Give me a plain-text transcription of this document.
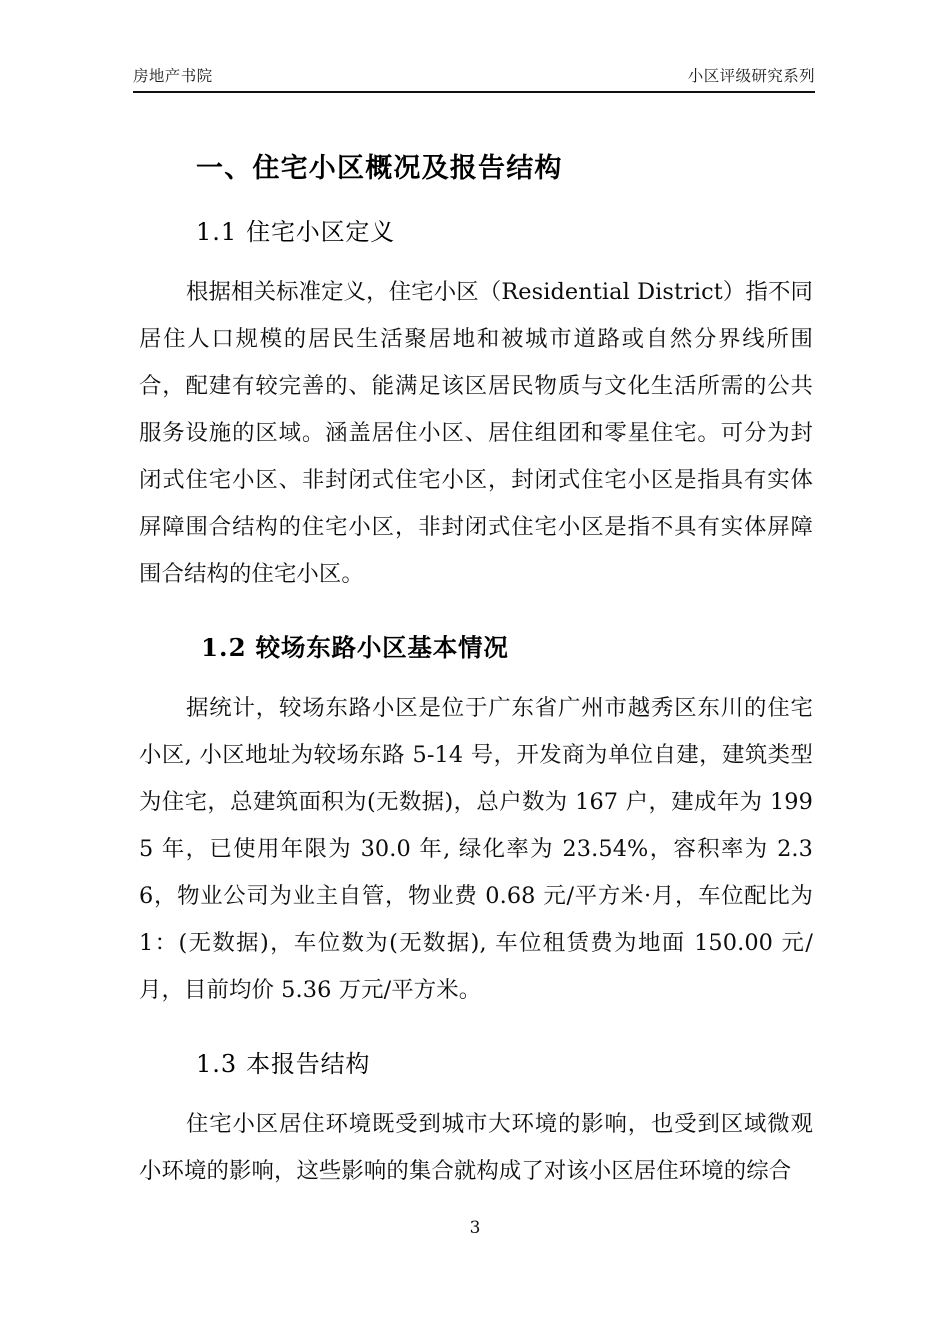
房地产书院	小区评级研究系列
一、住宅小区概况及报告结构
1.1 住宅小区定义

根据相关标准定义，住宅小区（Residential District）指不同居住人口规模的居民生活聚居地和被城市道路或自然分界线所围合，配建有较完善的、能满足该区居民物质与文化生活所需的公共服务设施的区域。涵盖居住小区、居住组团和零星住宅。可分为封闭式住宅小区、非封闭式住宅小区，封闭式住宅小区是指具有实体屏障围合结构的住宅小区，非封闭式住宅小区是指不具有实体屏障围合结构的住宅小区。

1.2 较场东路小区基本情况

据统计，较场东路小区是位于广东省广州市越秀区东川的住宅小区, 小区地址为较场东路 5-14 号，开发商为单位自建，建筑类型为住宅，总建筑面积为(无数据)，总户数为 167 户，建成年为 1995 年，已使用年限为 30.0 年, 绿化率为 23.54%，容积率为 2.36，物业公司为业主自管，物业费 0.68 元/平方米·月，车位配比为 1：(无数据)，车位数为(无数据), 车位租赁费为地面 150.00 元/月，目前均价 5.36 万元/平方米。

1.3 本报告结构

住宅小区居住环境既受到城市大环境的影响，也受到区域微观小环境的影响，这些影响的集合就构成了对该小区居住环境的综合

3
